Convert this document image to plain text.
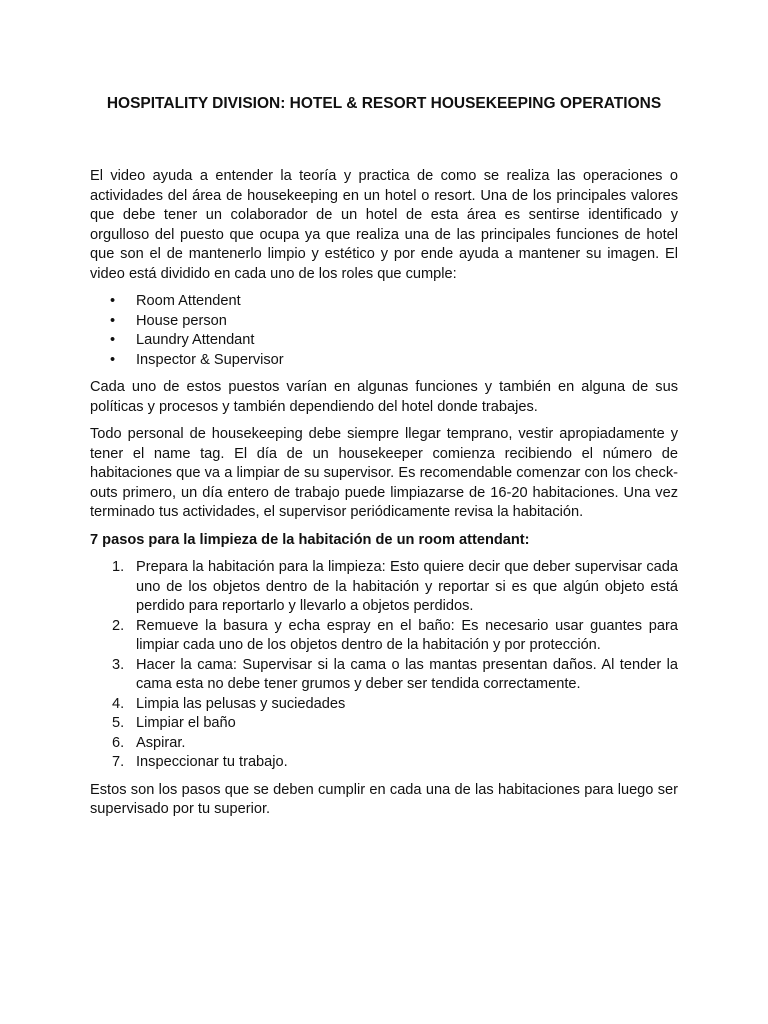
HOSPITALITY DIVISION: HOTEL & RESORT HOUSEKEEPING OPERATIONS

El video ayuda a entender la teoría y practica de como se realiza las operaciones o actividades del área de housekeeping en un hotel o resort. Una de los principales valores que debe tener un colaborador de un hotel de esta área es sentirse identificado y orgulloso del puesto que ocupa ya que realiza una de las principales funciones de hotel que son el de mantenerlo limpio y estético y por ende ayuda a mantener su imagen. El video está dividido en cada uno de los roles que cumple:

• Room Attendent
• House person
• Laundry Attendant
• Inspector & Supervisor

Cada uno de estos puestos varían en algunas funciones y también en alguna de sus políticas y procesos y también dependiendo del hotel donde trabajes.

Todo personal de housekeeping debe siempre llegar temprano, vestir apropiadamente y tener el name tag. El día de un housekeeper comienza recibiendo el número de habitaciones que va a limpiar de su supervisor. Es recomendable comenzar con los check-outs primero, un día entero de trabajo puede limpiazarse de 16-20 habitaciones. Una vez terminado tus actividades, el supervisor periódicamente revisa la habitación.

7 pasos para la limpieza de la habitación de un room attendant:

1. Prepara la habitación para la limpieza: Esto quiere decir que deber supervisar cada uno de los objetos dentro de la habitación y reportar si es que algún objeto está perdido para reportarlo y llevarlo a objetos perdidos.
2. Remueve la basura y echa espray en el baño: Es necesario usar guantes para limpiar cada uno de los objetos dentro de la habitación y por protección.
3. Hacer la cama: Supervisar si la cama o las mantas presentan daños. Al tender la cama esta no debe tener grumos y deber ser tendida correctamente.
4. Limpia las pelusas y suciedades
5. Limpiar el baño
6. Aspirar.
7. Inspeccionar tu trabajo.

Estos son los pasos que se deben cumplir en cada una de las habitaciones para luego ser supervisado por tu superior.
